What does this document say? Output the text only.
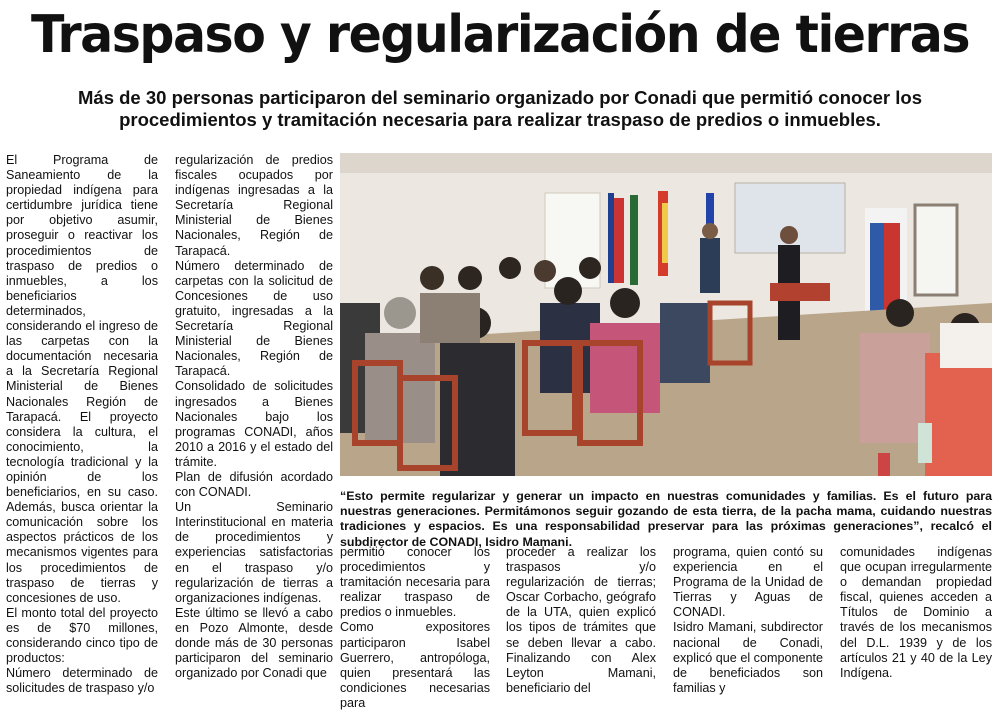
Traspaso y regularización de tierras
Más de 30 personas participaron del seminario organizado por Conadi que permitió conocer los procedimientos y tramitación necesaria para realizar traspaso de predios o inmuebles.

El Programa de Saneamiento de la propiedad indígena para certidumbre jurídica tiene por objetivo asumir, proseguir o reactivar los procedimientos de traspaso de predios o inmuebles, a los beneficiarios determinados, considerando el ingreso de las carpetas con la documentación necesaria a la Secretaría Regional Ministerial de Bienes Nacionales Región de Tarapacá. El proyecto considera la cultura, el conocimiento, la tecnología tradicional y la opinión de los beneficiarios, en su caso. Además, busca orientar la comunicación sobre los aspectos prácticos de los mecanismos vigentes para los procedimientos de traspaso de tierras y concesiones de uso.

El monto total del proyecto es de $70 millones, considerando cinco tipo de productos:

Número determinado de solicitudes de traspaso y/o

regularización de predios fiscales ocupados por indígenas ingresadas a la Secretaría Regional Ministerial de Bienes Nacionales, Región de Tarapacá.

Número determinado de carpetas con la solicitud de Concesiones de uso gratuito, ingresadas a la Secretaría Regional Ministerial de Bienes Nacionales, Región de Tarapacá.

Consolidado de solicitudes ingresados a Bienes Nacionales bajo los programas CONADI, años 2010 a 2016 y el estado del trámite.

Plan de difusión acordado con CONADI.

Un Seminario Interinstitucional en materia de procedimientos y experiencias satisfactorias en el traspaso y/o regularización de tierras a organizaciones indígenas.

Este último se llevó a cabo en Pozo Almonte, desde donde más de 30 personas participaron del seminario organizado por Conadi que

“Esto permite regularizar y generar un impacto en nuestras comunidades y familias. Es el futuro para nuestras generaciones. Permitámonos seguir gozando de esta tierra, de la pacha mama, cuidando nuestras tradiciones y espacios. Es una responsabilidad preservar para las próximas generaciones”, recalcó el subdirector de CONADI, Isidro Mamani.

permitió conocer los procedimientos y tramitación necesaria para realizar traspaso de predios o inmuebles.

Como expositores participaron Isabel Guerrero, antropóloga, quien presentará las condiciones necesarias para

proceder a realizar los traspasos y/o regularización de tierras; Oscar Corbacho, geógrafo de la UTA, quien explicó los tipos de trámites que se deben llevar a cabo. Finalizando con Alex Leyton Mamani, beneficiario del

programa, quien contó su experiencia en el Programa de la Unidad de Tierras y Aguas de CONADI.

Isidro Mamani, subdirector nacional de Conadi, explicó que el componente de beneficiados son familias y

comunidades indígenas que ocupan irregularmente o demandan propiedad fiscal, quienes acceden a Títulos de Dominio a través de los mecanismos del D.L. 1939 y de los artículos 21 y 40 de la Ley Indígena.
